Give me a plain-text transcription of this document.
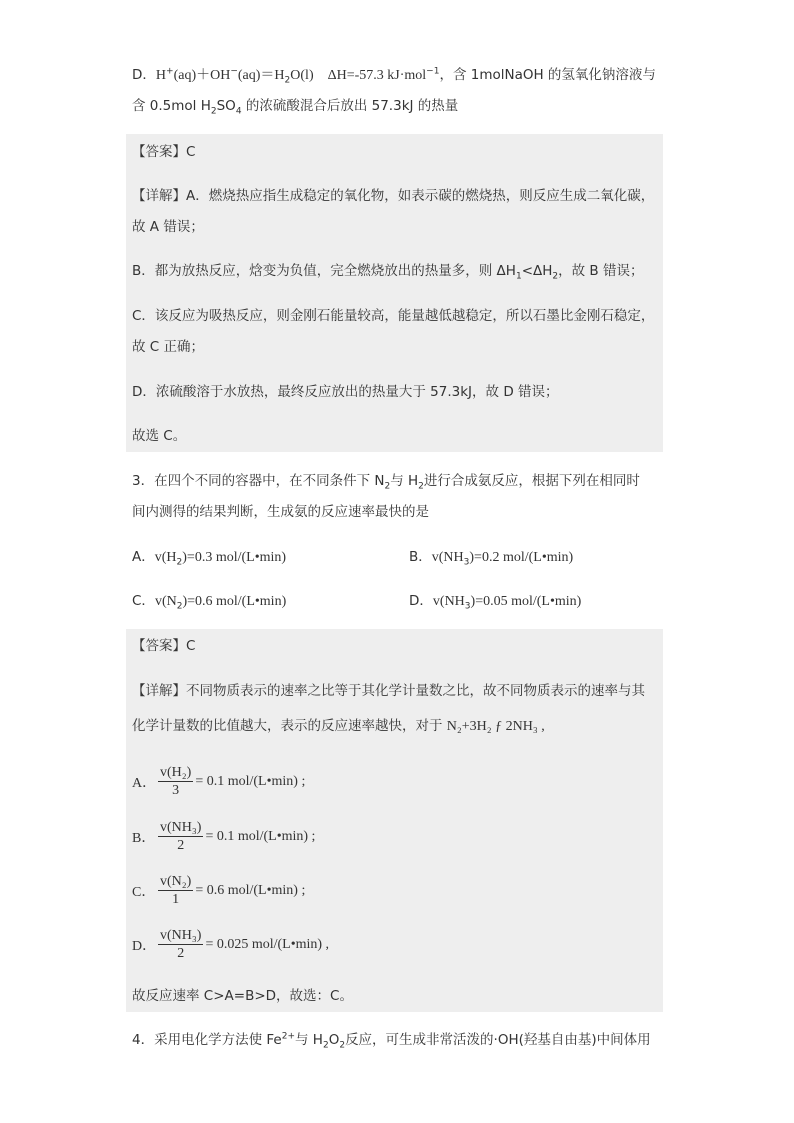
D．$H^+(aq)+OH^-(aq)=H_2O(l)$　ΔH=-57.3 kJ·mol$^{-1}$，含 1molNaOH 的氢氧化钠溶液与
含 0.5mol $H_2SO_4$ 的浓硫酸混合后放出 57.3kJ 的热量
【答案】C
【详解】A．燃烧热应指生成稳定的氧化物，如表示碳的燃烧热，则反应生成二氧化碳，
故 A 错误；
B．都为放热反应，焓变为负值，完全燃烧放出的热量多，则 $\Delta H_1<\Delta H_2$，故 B 错误；
C．该反应为吸热反应，则金刚石能量较高，能量越低越稳定，所以石墨比金刚石稳定，
故 C 正确；
D．浓硫酸溶于水放热，最终反应放出的热量大于 57.3kJ，故 D 错误；
故选 C。
3．在四个不同的容器中，在不同条件下 $N_2$与 $H_2$进行合成氨反应，根据下列在相同时
间内测得的结果判断，生成氨的反应速率最快的是
A．$v(H_2)=0.3$ mol/(L•min)	B．$v(NH_3)=0.2$ mol/(L•min)
C．$v(N_2)=0.6$ mol/(L•min)	D．$v(NH_3)=0.05$ mol/(L•min)
【答案】C
【详解】不同物质表示的速率之比等于其化学计量数之比，故不同物质表示的速率与其
化学计量数的比值越大，表示的反应速率越快，对于 N₂+3H₂ ƒ 2NH₃ ,
A． $\frac{\text{v(H₂)}}{3} = 0.1$ mol/(L•min) ;
B． $\frac{\text{v(NH₃)}}{2} = 0.1$ mol/(L•min) ;
C． $\frac{\text{v(N₂)}}{1} = 0.6$ mol/(L•min) ;
D． $\frac{\text{v(NH₃)}}{2} = 0.025$ mol/(L•min) ,
故反应速率 C>A=B>D，故选：C。
4．采用电化学方法使 $Fe^{2+}$与 $H_2O_2$反应，可生成非常活泼的·OH(羟基自由基)中间体用
